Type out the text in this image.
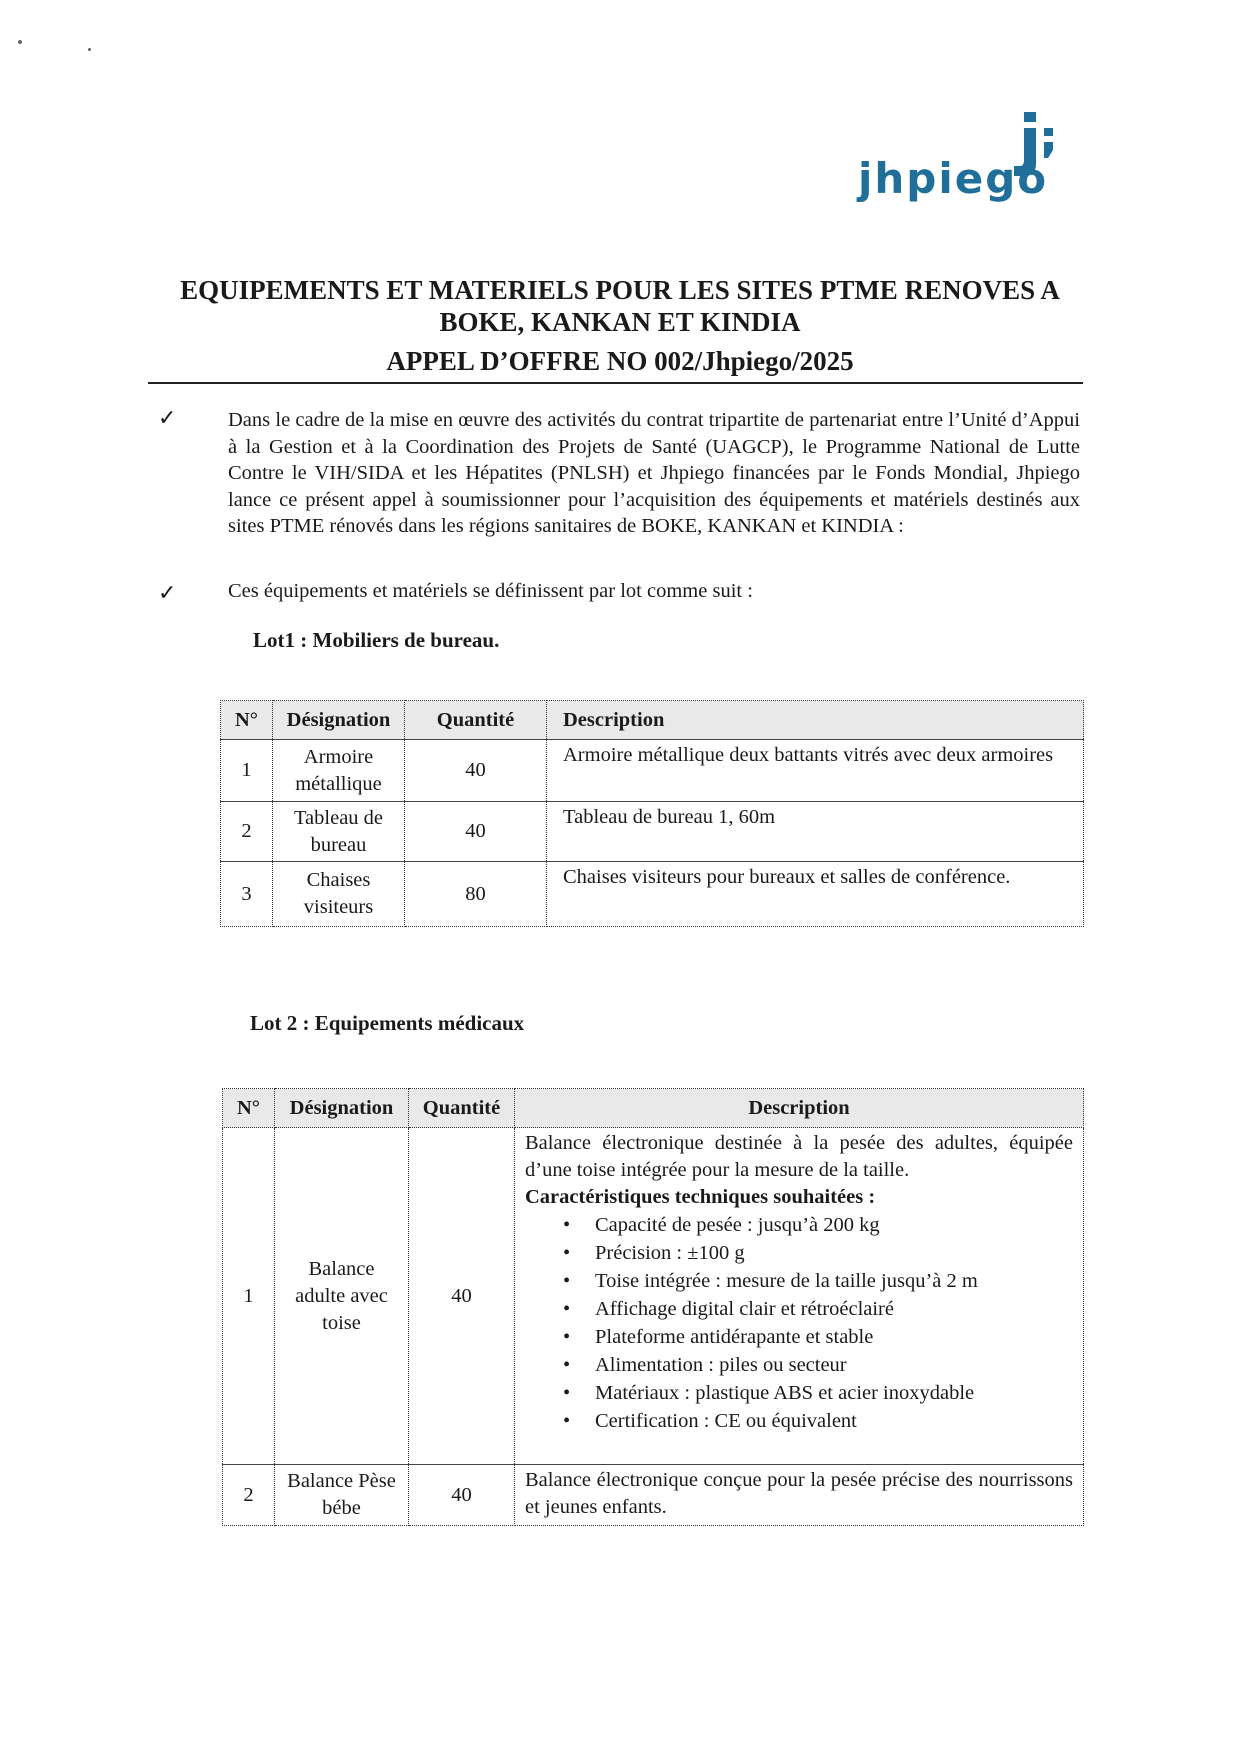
jhpiego
EQUIPEMENTS ET MATERIELS POUR LES SITES PTME RENOVES A
BOKE, KANKAN ET KINDIA
APPEL D’OFFRE NO 002/Jhpiego/2025
✓	Dans le cadre de la mise en œuvre des activités du contrat tripartite de partenariat entre l’Unité d’Appui à la Gestion et à la Coordination des Projets de Santé (UAGCP), le Programme National de Lutte Contre le VIH/SIDA et les Hépatites (PNLSH) et Jhpiego financées par le Fonds Mondial, Jhpiego lance ce présent appel à soumissionner pour l’acquisition des équipements et matériels destinés aux sites PTME rénovés dans les régions sanitaires de BOKE, KANKAN et KINDIA :
✓	Ces équipements et matériels se définissent par lot comme suit :
Lot1 : Mobiliers de bureau.
N°	Désignation	Quantité	Description
1	Armoire métallique	40	Armoire métallique deux battants vitrés avec deux armoires
2	Tableau de bureau	40	Tableau de bureau 1, 60m
3	Chaises visiteurs	80	Chaises visiteurs pour bureaux et salles de conférence.
Lot 2 : Equipements médicaux
N°	Désignation	Quantité	Description
1	Balance adulte avec toise	40	
Balance électronique destinée à la pesée des adultes, équipée d’une toise intégrée pour la mesure de la taille.
Caractéristiques techniques souhaitées :
• Capacité de pesée : jusqu’à 200 kg
• Précision : ±100 g
• Toise intégrée : mesure de la taille jusqu’à 2 m
• Affichage digital clair et rétroéclairé
• Plateforme antidérapante et stable
• Alimentation : piles ou secteur
• Matériaux : plastique ABS et acier inoxydable
• Certification : CE ou équivalent

2	Balance Pèse bébe	40	Balance électronique conçue pour la pesée précise des nourrissons et jeunes enfants.
